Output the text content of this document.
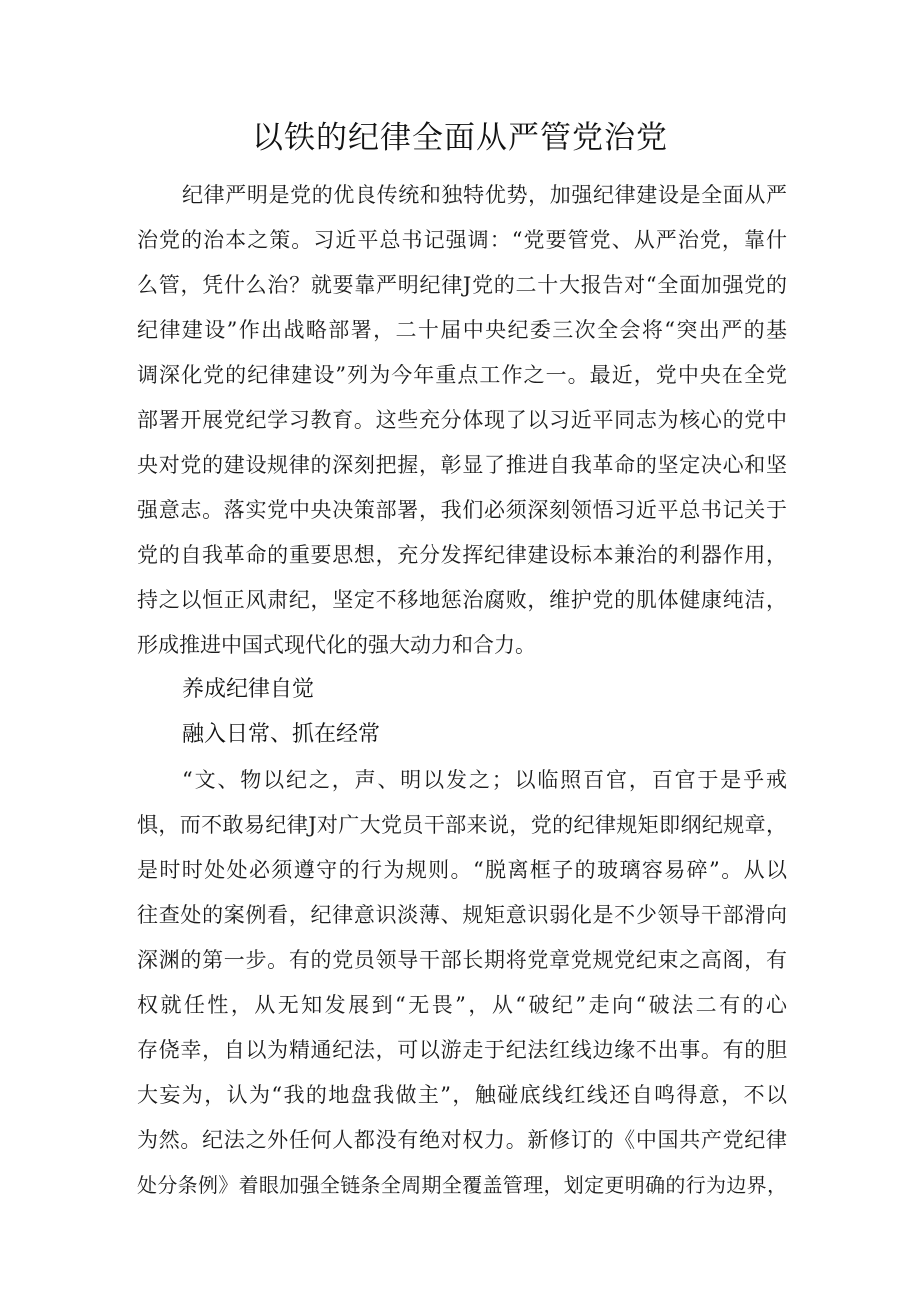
以铁的纪律全面从严管党治党
纪律严明是党的优良传统和独特优势，加强纪律建设是全面从严
治党的治本之策。习近平总书记强调：“党要管党、从严治党，靠什
么管，凭什么治？就要靠严明纪律J党的二十大报告对“全面加强党的
纪律建设”作出战略部署，二十届中央纪委三次全会将“突出严的基
调深化党的纪律建设”列为今年重点工作之一。最近，党中央在全党
部署开展党纪学习教育。这些充分体现了以习近平同志为核心的党中
央对党的建设规律的深刻把握，彰显了推进自我革命的坚定决心和坚
强意志。落实党中央决策部署，我们必须深刻领悟习近平总书记关于
党的自我革命的重要思想，充分发挥纪律建设标本兼治的利器作用，
持之以恒正风肃纪，坚定不移地惩治腐败，维护党的肌体健康纯洁，
形成推进中国式现代化的强大动力和合力。
养成纪律自觉
融入日常、抓在经常
“文、物以纪之，声、明以发之；以临照百官，百官于是乎戒
惧，而不敢易纪律J对广大党员干部来说，党的纪律规矩即纲纪规章，
是时时处处必须遵守的行为规则。“脱离框子的玻璃容易碎”。从以
往查处的案例看，纪律意识淡薄、规矩意识弱化是不少领导干部滑向
深渊的第一步。有的党员领导干部长期将党章党规党纪束之高阁，有
权就任性，从无知发展到“无畏”，从“破纪”走向“破法二有的心
存侥幸，自以为精通纪法，可以游走于纪法红线边缘不出事。有的胆
大妄为，认为“我的地盘我做主”，触碰底线红线还自鸣得意，不以
为然。纪法之外任何人都没有绝对权力。新修订的《中国共产党纪律
处分条例》着眼加强全链条全周期全覆盖管理，划定更明确的行为边界，
